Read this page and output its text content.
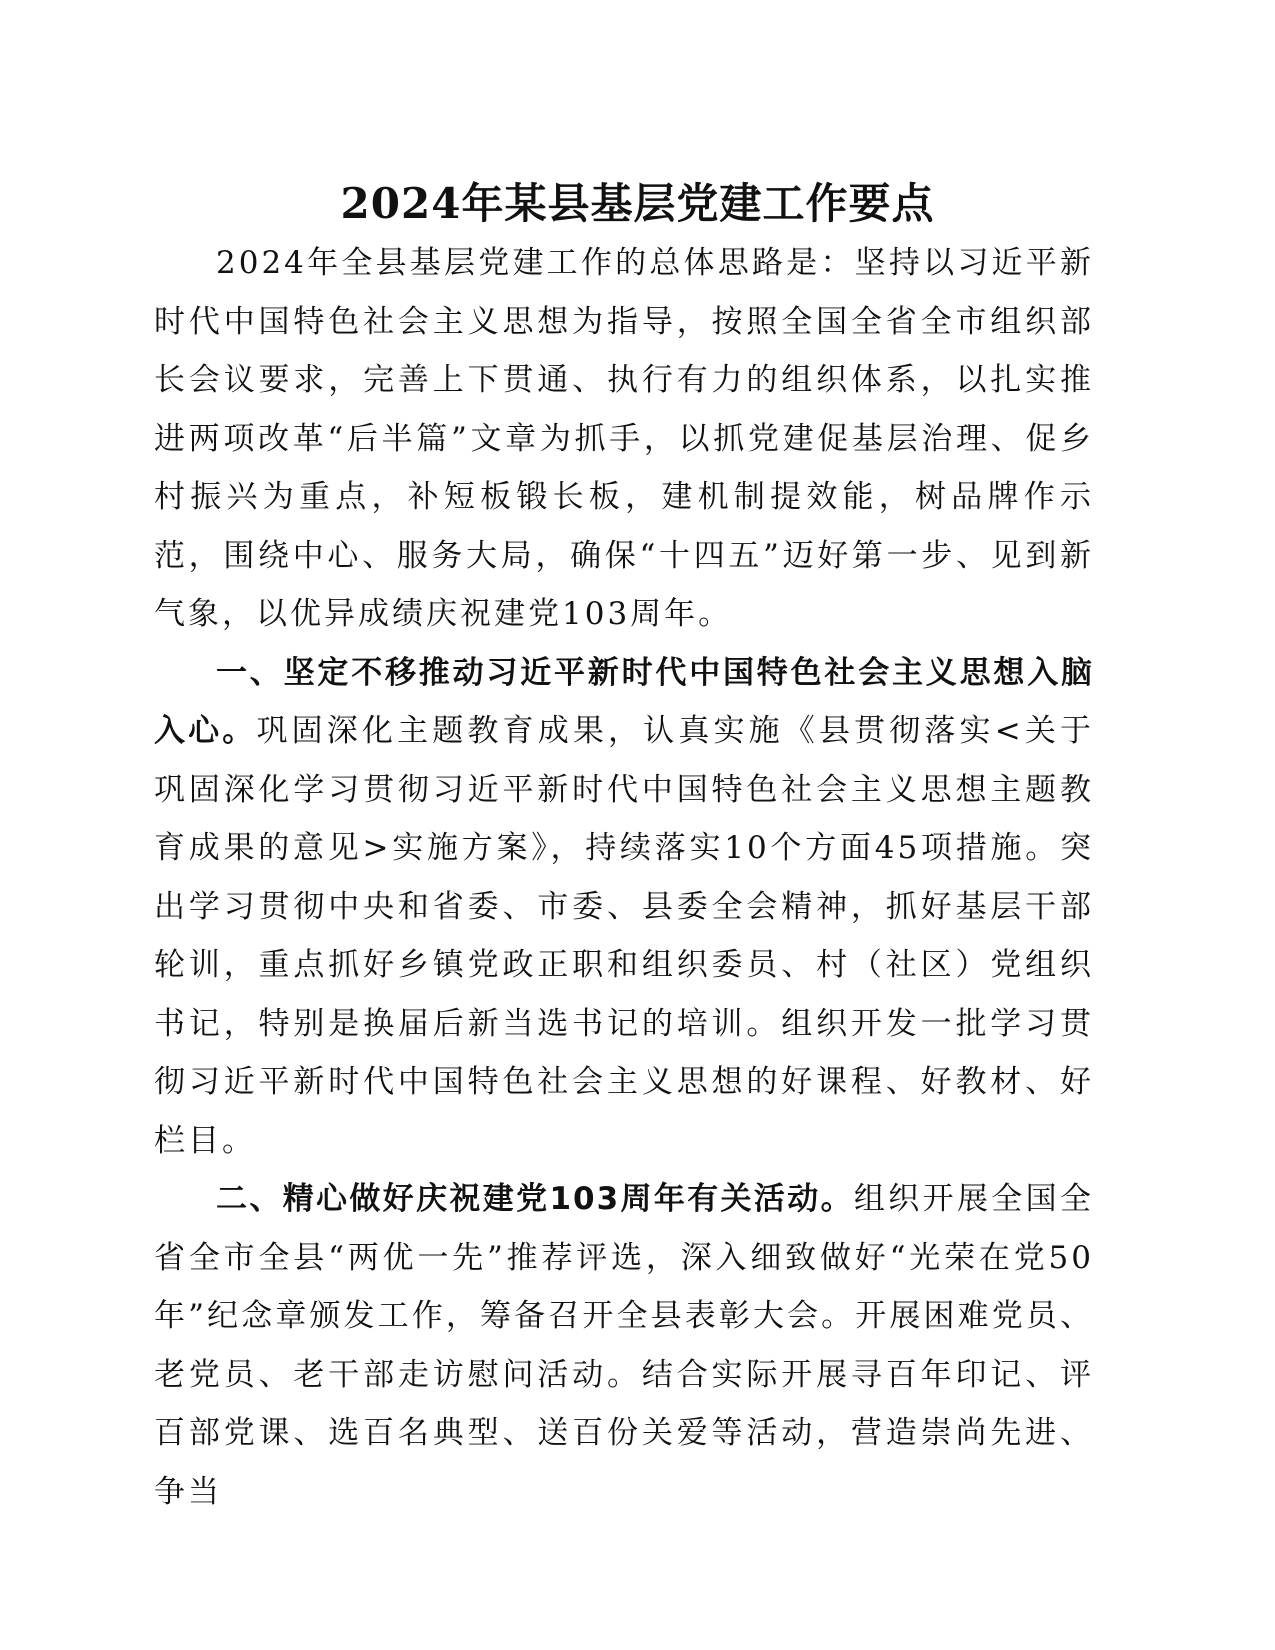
2024年某县基层党建工作要点

2024年全县基层党建工作的总体思路是：坚持以习近平新时代中国特色社会主义思想为指导，按照全国全省全市组织部长会议要求，完善上下贯通、执行有力的组织体系，以扎实推进两项改革“后半篇”文章为抓手，以抓党建促基层治理、促乡村振兴为重点，补短板锻长板，建机制提效能，树品牌作示范，围绕中心、服务大局，确保“十四五”迈好第一步、见到新气象，以优异成绩庆祝建党103周年。

一、坚定不移推动习近平新时代中国特色社会主义思想入脑入心。巩固深化主题教育成果，认真实施《县贯彻落实<关于巩固深化学习贯彻习近平新时代中国特色社会主义思想主题教育成果的意见>实施方案》，持续落实10个方面45项措施。突出学习贯彻中央和省委、市委、县委全会精神，抓好基层干部轮训，重点抓好乡镇党政正职和组织委员、村（社区）党组织书记，特别是换届后新当选书记的培训。组织开发一批学习贯彻习近平新时代中国特色社会主义思想的好课程、好教材、好栏目。

二、精心做好庆祝建党103周年有关活动。组织开展全国全省全市全县“两优一先”推荐评选，深入细致做好“光荣在党50年”纪念章颁发工作，筹备召开全县表彰大会。开展困难党员、老党员、老干部走访慰问活动。结合实际开展寻百年印记、评百部党课、选百名典型、送百份关爱等活动，营造崇尚先进、争当
